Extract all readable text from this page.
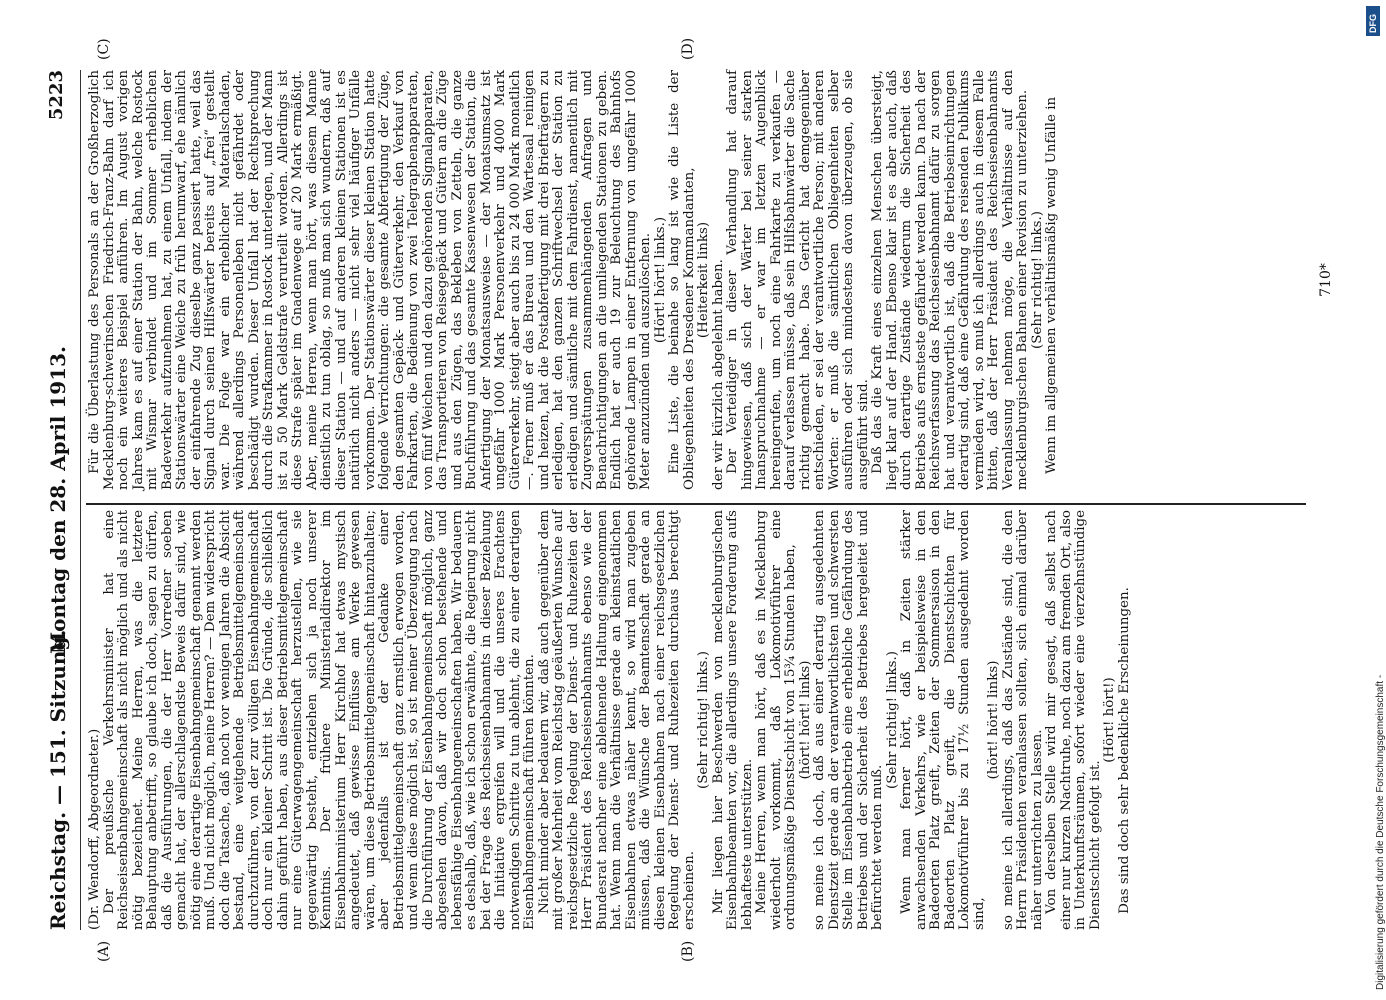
Reichstag. — 151. Sitzung.
Montag den 28. April 1913.
5223
(A)	(B)
(C)	(D)

(Dr. Wendorff, Abgeordneter.) Der preußische Verkehrsminister hat eine Reichseisenbahngemeinschaft als nicht möglich und als nicht nötig bezeichnet. Meine Herren, was die letztere Behauptung anbetrifft, so glaube ich doch, sagen zu dürfen, daß die Ausführungen, die der Herr Vorredner soeben gemacht hat, der allerschlagendste Beweis dafür sind, wie nötig eine derartige Eisenbahngemeinschaft genannt werden muß. Und nicht möglich, meine Herren? — Dem widerspricht doch die Tatsache, daß noch vor wenigen Jahren die Absicht bestand, eine weitgehende Betriebsmittelgemeinschaft durchzuführen, von der zur völligen Eisenbahngemeinschaft doch nur ein kleiner Schritt ist. Die Gründe, die schließlich dahin geführt haben, aus dieser Betriebsmittelgemeinschaft nur eine Güterwagengemeinschaft herzustellen, wie sie gegenwärtig besteht, entziehen sich ja noch unserer Kenntnis. Der frühere Ministerialdirektor im Eisenbahnministerium Herr Kirchhof hat etwas mystisch angedeutet, daß gewisse Einflüsse am Werke gewesen wären, um diese Betriebsmittelgemeinschaft hintanzuhalten; aber jedenfalls ist der Gedanke einer Betriebsmittelgemeinschaft ganz ernstlich erwogen worden, und wenn diese möglich ist, so ist meiner Überzeugung nach die Durchführung der Eisenbahngemeinschaft möglich, ganz abgesehen davon, daß wir doch schon bestehende und lebensfähige Eisenbahngemeinschaften haben. Wir bedauern es deshalb, daß, wie ich schon erwähnte, die Regierung nicht bei der Frage des Reichseisenbahnamts in dieser Beziehung die Initiative ergreifen will und die unseres Erachtens notwendigen Schritte zu tun ablehnt, die zu einer derartigen Eisenbahngemeinschaft führen könnten. Nicht minder aber bedauern wir, daß auch gegenüber dem mit großer Mehrheit vom Reichstag geäußerten Wunsche auf reichsgesetzliche Regelung der Dienst- und Ruhezeiten der Herr Präsident des Reichseisenbahnamts ebenso wie der Bundesrat nachher eine ablehnende Haltung eingenommen hat. Wenn man die Verhältnisse gerade an kleinstaatlichen Eisenbahnen etwas näher kennt, so wird man zugeben müssen, daß die Wünsche der Beamtenschaft gerade an diesen kleinen Eisenbahnen nach einer reichsgesetzlichen Regelung der Dienst- und Ruhezeiten durchaus berechtigt erscheinen.

(Sehr richtig! links.) Mir liegen hier Beschwerden von mecklenburgischen Eisenbahnbeamten vor, die allerdings unsere Forderung aufs lebhafteste unterstützen. Meine Herren, wenn man hört, daß es in Mecklenburg wiederholt vorkommt, daß Lokomotivführer eine ordnungsmäßige Dienstschicht von 15¾ Stunden haben, (hört! hört! links) so meine ich doch, daß aus einer derartig ausgedehnten Dienstzeit gerade an der verantwortlichsten und schwersten Stelle im Eisenbahnbetrieb eine erhebliche Gefährdung des Betriebes und der Sicherheit des Betriebes hergeleitet und befürchtet werden muß.

(Sehr richtig! links.) Wenn man ferner hört, daß in Zeiten stärker anwachsenden Verkehrs, wie er beispielsweise in den Badeorten Platz greift, Zeiten der Sommersaison in den Badeorten Platz greift, die Dienstschichten für Lokomotivführer bis zu 17½ Stunden ausgedehnt worden sind,

(hört! hört! links) so meine ich allerdings, daß das Zustände sind, die den Herrn Präsidenten veranlassen sollten, sich einmal darüber näher unterrichten zu lassen. Von derselben Stelle wird mir gesagt, daß selbst nach einer nur kurzen Nachtruhe, noch dazu am fremden Ort, also in Unterkunftsräumen, sofort wieder eine vierzehnstündige Dienstschicht gefolgt ist.

(Hört! hört!) Das sind doch sehr bedenkliche Erscheinungen.

Für die Überlastung des Personals an der Großherzoglich Mecklenburg-schwerinschen Friedrich-Franz-Bahn darf ich noch ein weiteres Beispiel anführen. Im August vorigen Jahres kam es auf einer Station der Bahn, welche Rostock mit Wismar verbindet und im Sommer erheblichen Badeverkehr aufzunehmen hat, zu einem Unfall, indem der Stationswärter eine Weiche zu früh herumwarf, ehe nämlich der einfahrende Zug dieselbe ganz passiert hatte, weil das Signal durch seinen Hilfswärter bereits auf „frei“ gestellt war. Die Folge war ein erheblicher Materialschaden, während allerdings Personenleben nicht gefährdet oder beschädigt wurden. Dieser Unfall hat der Rechtsprechung durch die Strafkammer in Rostock unterlegen, und der Mann ist zu 50 Mark Geldstrafe verurteilt worden. Allerdings ist diese Strafe später im Gnadenwege auf 20 Mark ermäßigt. Aber, meine Herren, wenn man hört, was diesem Manne dienstlich zu tun oblag, so muß man sich wundern, daß auf dieser Station — und auf anderen kleinen Stationen ist es natürlich nicht anders — nicht sehr viel häufiger Unfälle vorkommen. Der Stationswärter dieser kleinen Station hatte folgende Verrichtungen: die gesamte Abfertigung der Züge, den gesamten Gepäck- und Güterverkehr, den Verkauf von Fahrkarten, die Bedienung von zwei Telegraphenapparaten, von fünf Weichen und den dazu gehörenden Signalapparaten, das Transportieren von Reisegepäck und Gütern an die Züge und aus den Zügen, das Bekleben von Zetteln, die ganze Buchführung und das gesamte Kassenwesen der Station, die Anfertigung der Monatsausweise — der Monatsumsatz ist ungefähr 1000 Mark Personenverkehr und 4000 Mark Güterverkehr, steigt aber auch bis zu 24 000 Mark monatlich —. Ferner muß er das Bureau und den Wartesaal reinigen und heizen, hat die Postabfertigung mit drei Briefträgern zu erledigen, hat den ganzen Schriftwechsel der Station zu erledigen und sämtliche mit dem Fahrdienst, namentlich mit Zugverspätungen zusammenhängenden Anfragen und Benachrichtigungen an die umliegenden Stationen zu geben. Endlich hat er auch 19 zur Beleuchtung des Bahnhofs gehörende Lampen in einer Entfernung von ungefähr 1000 Meter anzuzünden und auszulöschen. (Hört! hört! links.) Eine Liste, die beinahe so lang ist wie die Liste der Obliegenheiten des Dresdener Kommandanten, (Heiterkeit links) der wir kürzlich abgelehnt haben. Der Verteidiger in dieser Verhandlung hat darauf hingewiesen, daß sich der Wärter bei seiner starken Inanspruchnahme — er war im letzten Augenblick hereingerufen, um noch eine Fahrkarte zu verkaufen — darauf verlassen müsse, daß sein Hilfsbahnwärter die Sache richtig gemacht habe. Das Gericht hat demgegenüber entschieden, er sei der verantwortliche Person; mit anderen Worten: er muß die sämtlichen Obliegenheiten selber ausführen oder sich mindestens davon überzeugen, ob sie ausgeführt sind. Daß das die Kraft eines einzelnen Menschen übersteigt, liegt klar auf der Hand. Ebenso klar ist es aber auch, daß durch derartige Zustände wiederum die Sicherheit des Betriebs aufs ernsteste gefährdet werden kann. Da nach der Reichsverfassung das Reichseisenbahnamt dafür zu sorgen hat und verantwortlich ist, daß die Betriebseinrichtungen derartig sind, daß eine Gefährdung des reisenden Publikums vermieden wird, so muß ich allerdings auch in diesem Falle bitten, daß der Herr Präsident des Reichseisenbahnamts Veranlassung nehmen möge, die Verhältnisse auf den mecklenburgischen Bahnen einer Revision zu unterziehen. (Sehr richtig! links.) Wenn im allgemeinen verhältnismäßig wenig Unfälle in	710*
DFG
Digitalisierung gefördert durch die Deutsche Forschungsgemeinschaft -
